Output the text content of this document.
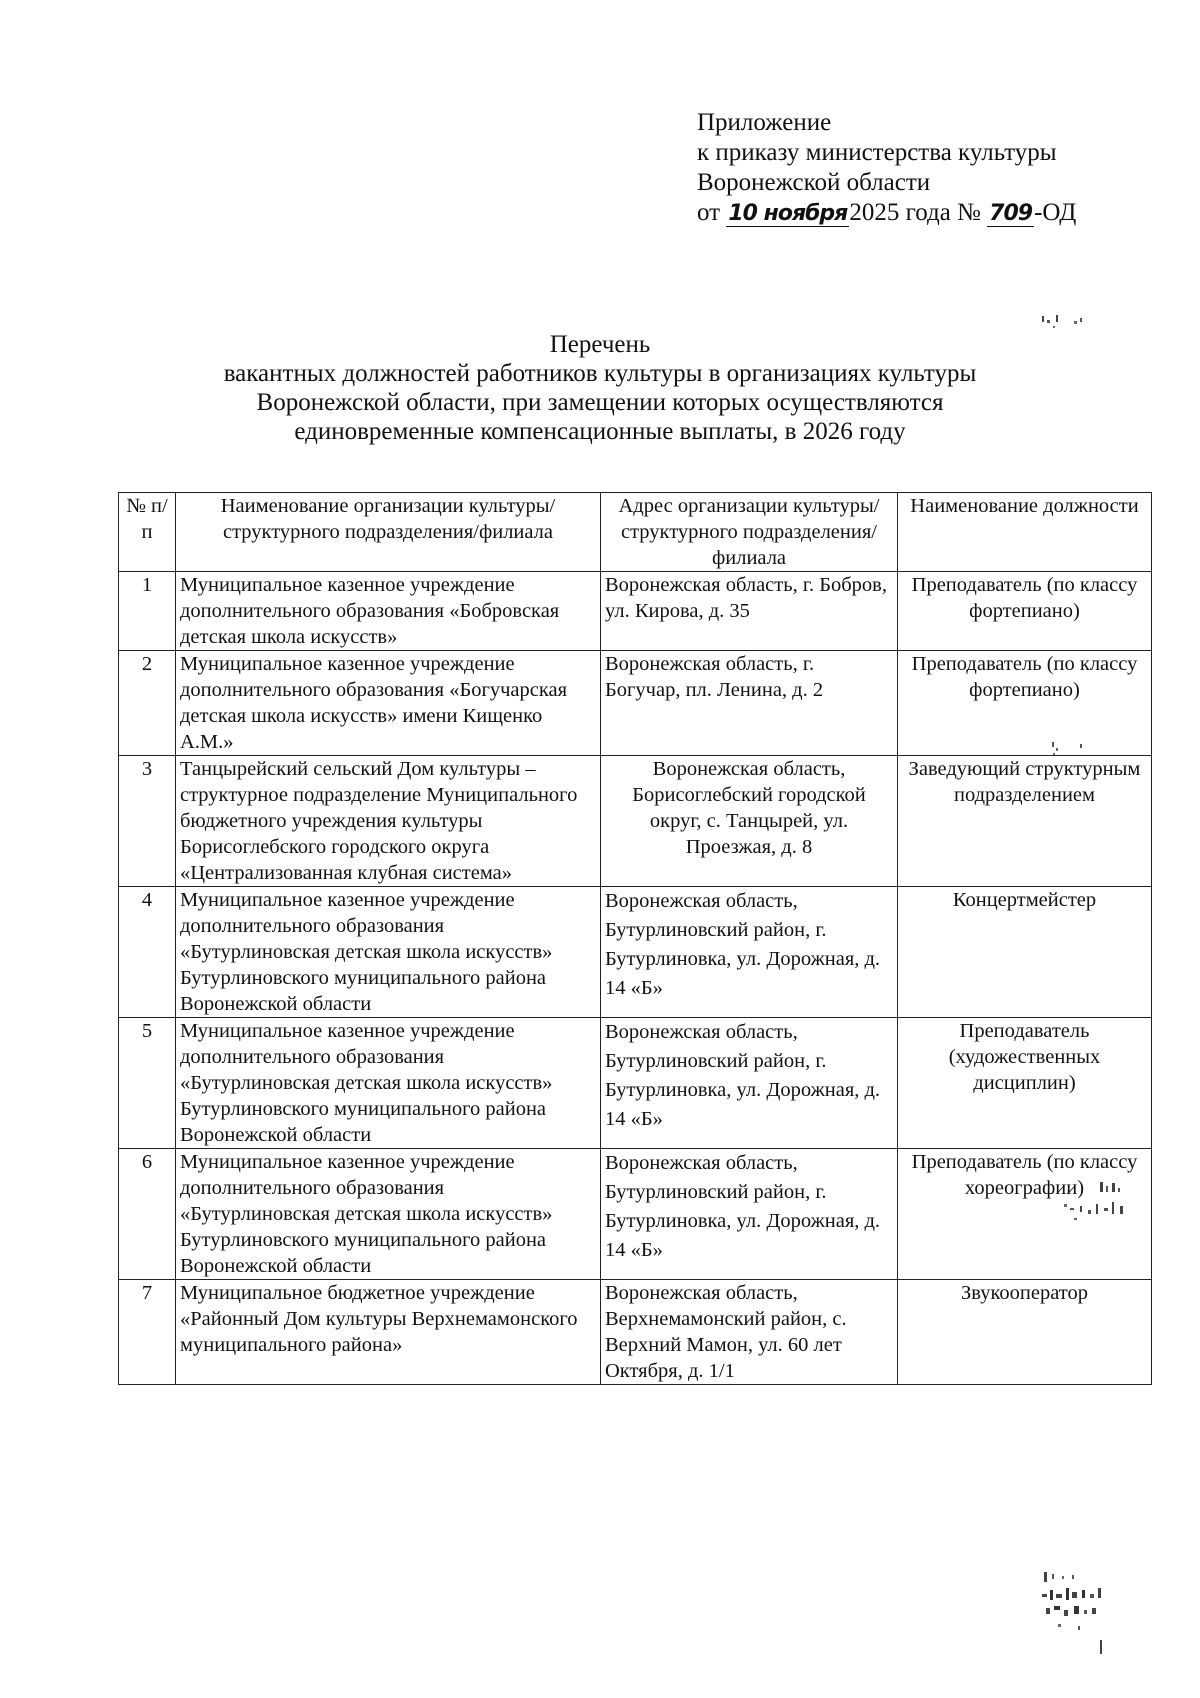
Приложение
к приказу министерства культуры
Воронежской области
от 10 ноября2025 года № 709-ОД
Перечень
вакантных должностей работников культуры в организациях культуры
Воронежской области, при замещении которых осуществляются
единовременные компенсационные выплаты, в 2026 году
№ п/п	Наименование организации культуры/структурного подразделения/филиала	Адрес организации культуры/структурного подразделения/филиала	Наименование должности
1	Муниципальное казенное учреждение дополнительного образования «Бобровская детская школа искусств»	Воронежская область, г. Бобров, ул. Кирова, д. 35	Преподаватель (по классу фортепиано)
2	Муниципальное казенное учреждение дополнительного образования «Богучарская детская школа искусств» имени Кищенко А.М.»	Воронежская область, г. Богучар, пл. Ленина, д. 2	Преподаватель (по классу фортепиано)
3	Танцырейский сельский Дом культуры – структурное подразделение Муниципального бюджетного учреждения культуры Борисоглебского городского округа «Централизованная клубная система»	Воронежская область, Борисоглебский городской округ, с. Танцырей, ул. Проезжая, д. 8	Заведующий структурным подразделением
4	Муниципальное казенное учреждение дополнительного образования «Бутурлиновская детская школа искусств» Бутурлиновского муниципального района Воронежской области	Воронежская область, Бутурлиновский район, г. Бутурлиновка, ул. Дорожная, д. 14 «Б»	Концертмейстер
5	Муниципальное казенное учреждение дополнительного образования «Бутурлиновская детская школа искусств» Бутурлиновского муниципального района Воронежской области	Воронежская область, Бутурлиновский район, г. Бутурлиновка, ул. Дорожная, д. 14 «Б»	Преподаватель (художественных дисциплин)
6	Муниципальное казенное учреждение дополнительного образования «Бутурлиновская детская школа искусств» Бутурлиновского муниципального района Воронежской области	Воронежская область, Бутурлиновский район, г. Бутурлиновка, ул. Дорожная, д. 14 «Б»	Преподаватель (по классу хореографии)
7	Муниципальное бюджетное учреждение «Районный Дом культуры Верхнемамонского муниципального района»	Воронежская область, Верхнемамонский район, с. Верхний Мамон, ул. 60 лет Октября, д. 1/1	Звукооператор
